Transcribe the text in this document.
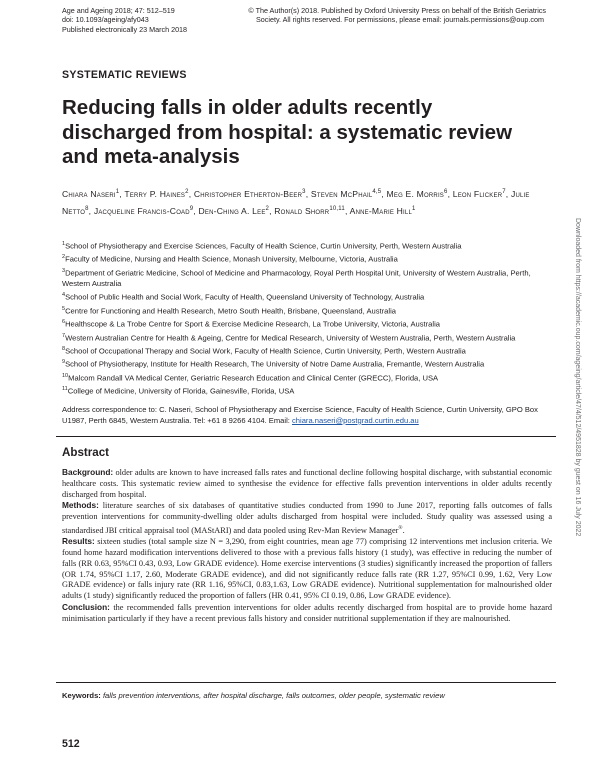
Age and Ageing 2018; 47: 512–519

doi: 10.1093/ageing/afy043

Published electronically 23 March 2018

© The Author(s) 2018. Published by Oxford University Press on behalf of the British Geriatrics

Society. All rights reserved. For permissions, please email: journals.permissions@oup.com

SYSTEMATIC REVIEWS
Reducing falls in older adults recently discharged from hospital: a systematic review and meta-analysis
Chiara Naseri$^1$, Terry P. Haines$^2$, Christopher Etherton-Beer$^3$, Steven McPhail$^{4,5}$, Meg E. Morris$^6$, Leon Flicker$^7$, Julie Netto$^8$, Jacqueline Francis-Coad$^9$, Den-Ching A. Lee$^2$, Ronald Shorr$^{10,11}$, Anne-Marie Hill$^1$

$^1$School of Physiotherapy and Exercise Sciences, Faculty of Health Science, Curtin University, Perth, Western Australia

$^2$Faculty of Medicine, Nursing and Health Science, Monash University, Melbourne, Victoria, Australia

$^3$Department of Geriatric Medicine, School of Medicine and Pharmacology, Royal Perth Hospital Unit, University of Western Australia, Perth, Western Australia

$^4$School of Public Health and Social Work, Faculty of Health, Queensland University of Technology, Australia

$^5$Centre for Functioning and Health Research, Metro South Health, Brisbane, Queensland, Australia

$^6$Healthscope & La Trobe Centre for Sport & Exercise Medicine Research, La Trobe University, Victoria, Australia

$^7$Western Australian Centre for Health & Ageing, Centre for Medical Research, University of Western Australia, Perth, Western Australia

$^8$School of Occupational Therapy and Social Work, Faculty of Health Science, Curtin University, Perth, Western Australia

$^9$School of Physiotherapy, Institute for Health Research, The University of Notre Dame Australia, Fremantle, Western Australia

$^{10}$Malcom Randall VA Medical Center, Geriatric Research Education and Clinical Center (GRECC), Florida, USA

$^{11}$College of Medicine, University of Florida, Gainesville, Florida, USA

Address correspondence to: C. Naseri, School of Physiotherapy and Exercise Science, Faculty of Health Science, Curtin University, GPO Box U1987, Perth 6845, Western Australia. Tel: +61 8 9266 4104. Email: chiara.naseri@postgrad.curtin.edu.au

Abstract

Background: older adults are known to have increased falls rates and functional decline following hospital discharge, with substantial economic healthcare costs. This systematic review aimed to synthesise the evidence for effective falls prevention interventions in older adults recently discharged from hospital.

Methods: literature searches of six databases of quantitative studies conducted from 1990 to June 2017, reporting falls outcomes of falls prevention interventions for community-dwelling older adults discharged from hospital were included. Study quality was assessed using a standardised JBI critical appraisal tool (MAStARI) and data pooled using Rev-Man Review Manager®.

Results: sixteen studies (total sample size N = 3,290, from eight countries, mean age 77) comprising 12 interventions met inclusion criteria. We found home hazard modification interventions delivered to those with a previous falls history (1 study), was effective in reducing the number of falls (RR 0.63, 95%CI 0.43, 0.93, Low GRADE evidence). Home exercise interventions (3 studies) significantly increased the proportion of fallers (OR 1.74, 95%CI 1.17, 2.60, Moderate GRADE evidence), and did not significantly reduce falls rate (RR 1.27, 95%CI 0.99, 1.62, Very Low GRADE evidence) or falls injury rate (RR 1.16, 95%CI, 0.83,1.63, Low GRADE evidence). Nutritional supplementation for malnourished older adults (1 study) significantly reduced the proportion of fallers (HR 0.41, 95% CI 0.19, 0.86, Low GRADE evidence).

Conclusion: the recommended falls prevention interventions for older adults recently discharged from hospital are to provide home hazard minimisation particularly if they have a recent previous falls history and consider nutritional supplementation if they are malnourished.

Keywords: falls prevention interventions, after hospital discharge, falls outcomes, older people, systematic review

512

Downloaded from https://academic.oup.com/ageing/article/47/4/512/4951828 by guest on 16 July 2022
